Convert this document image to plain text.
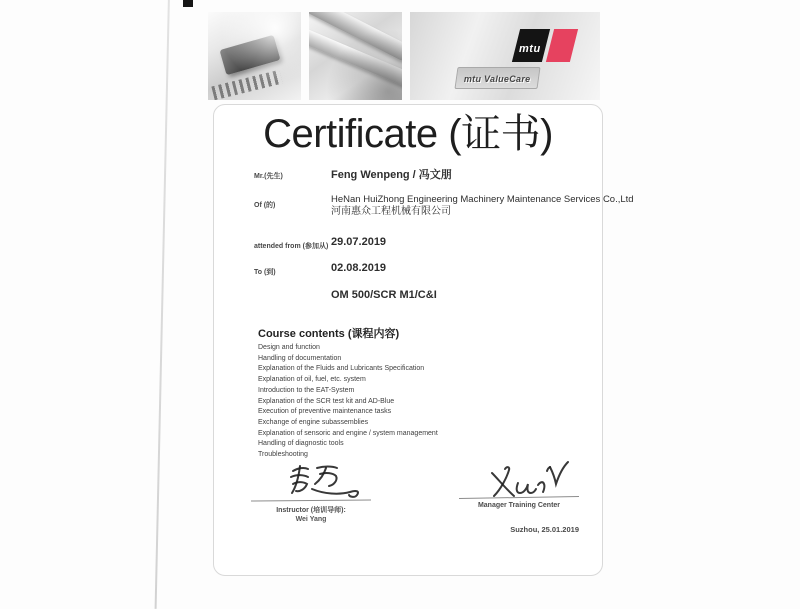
mtu
mtu ValueCare
Certificate (证书)
Mr.(先生)	Feng Wenpeng / 冯文朋
Of (的)
HeNan HuiZhong Engineering Machinery Maintenance Services Co.,Ltd
河南惠众工程机械有限公司
attended from (参加从) 29.07.2019
To (到)	02.08.2019
OM 500/SCR M1/C&I
Course contents (课程内容)
Design and function
Handling of documentation
Explanation of the Fluids and Lubricants Specification
Explanation of oil, fuel, etc. system
Introduction to the EAT-System
Explanation of the SCR test kit and AD-Blue
Execution of preventive maintenance tasks
Exchange of engine subassemblies
Explanation of sensoric and engine / system management
Handling of diagnostic tools
Troubleshooting
Instructor (培训导师):
Wei Yang
Manager Training Center
Suzhou, 25.01.2019
